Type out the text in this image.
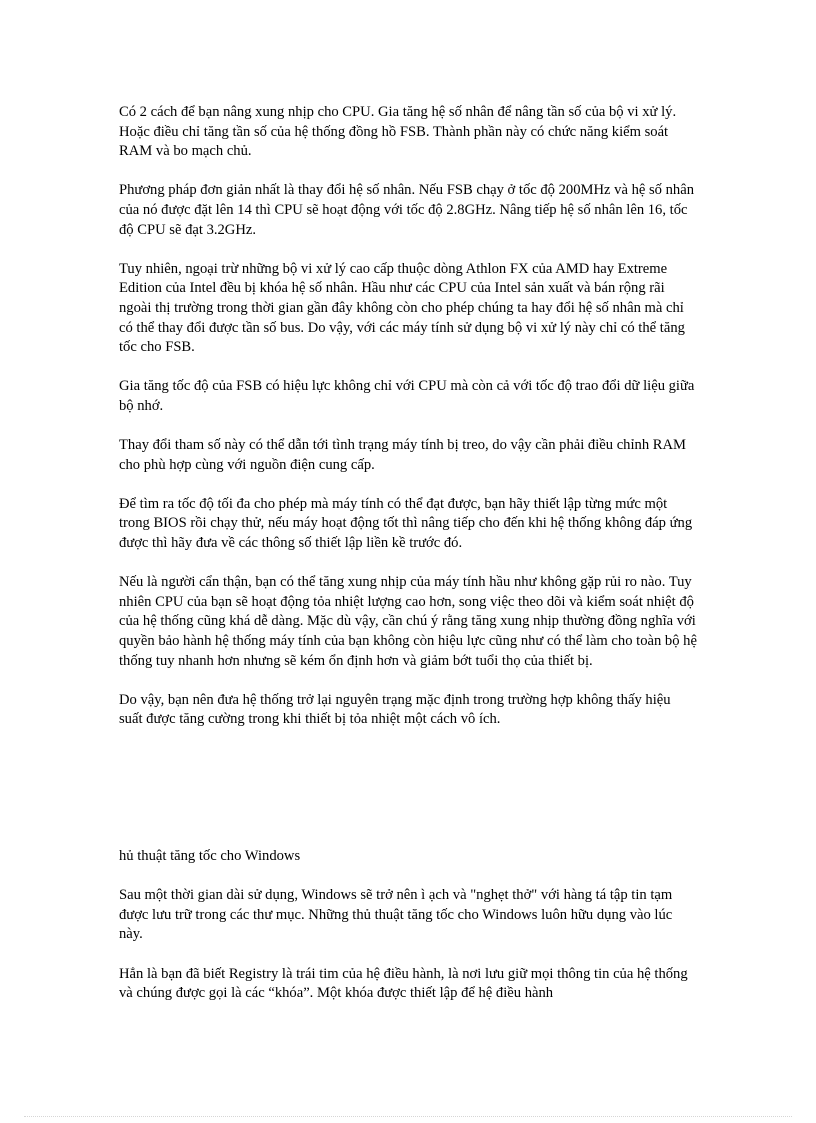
Có 2 cách để bạn nâng xung nhịp cho CPU. Gia tăng hệ số nhân để nâng tần số của bộ vi xử lý. Hoặc điều chỉ tăng tần số của hệ thống đồng hồ FSB. Thành phần này có chức năng kiểm soát RAM và bo mạch chủ.

Phương pháp đơn giản nhất là thay đổi hệ số nhân. Nếu FSB chạy ở tốc độ 200MHz và hệ số nhân của nó được đặt lên 14 thì CPU sẽ hoạt động với tốc độ 2.8GHz. Nâng tiếp hệ số nhân lên 16, tốc độ CPU sẽ đạt 3.2GHz.

Tuy nhiên, ngoại trừ những bộ vi xử lý cao cấp thuộc dòng Athlon FX của AMD hay Extreme Edition của Intel đều bị khóa hệ số nhân. Hầu như các CPU của Intel sản xuất và bán rộng rãi ngoài thị trường trong thời gian gần đây không còn cho phép chúng ta hay đổi hệ số nhân mà chỉ có thể thay đổi được tần số bus. Do vậy, với các máy tính sử dụng bộ vi xử lý này chỉ có thể tăng tốc cho FSB.

Gia tăng tốc độ của FSB có hiệu lực không chỉ với CPU mà còn cả với tốc độ trao đổi dữ liệu giữa bộ nhớ.

Thay đổi tham số này có thể dẫn tới tình trạng máy tính bị treo, do vậy cần phải điều chỉnh RAM cho phù hợp cùng với nguồn điện cung cấp.

Để tìm ra tốc độ tối đa cho phép mà máy tính có thể đạt được, bạn hãy thiết lập từng mức một trong BIOS rồi chạy thử, nếu máy hoạt động tốt thì nâng tiếp cho đến khi hệ thống không đáp ứng được thì hãy đưa về các thông số thiết lập liền kề trước đó.

Nếu là người cẩn thận, bạn có thể tăng xung nhịp của máy tính hầu như không gặp rủi ro nào. Tuy nhiên CPU của bạn sẽ hoạt động tỏa nhiệt lượng cao hơn, song việc theo dõi và kiểm soát nhiệt độ của hệ thống cũng khá dễ dàng. Mặc dù vậy, cần chú ý rằng tăng xung nhịp thường đồng nghĩa với quyền bảo hành hệ thống máy tính của bạn không còn hiệu lực cũng như có thể làm cho toàn bộ hệ thống tuy nhanh hơn nhưng sẽ kém ổn định hơn và giảm bớt tuổi thọ của thiết bị.

Do vậy, bạn nên đưa hệ thống trở lại nguyên trạng mặc định trong trường hợp không thấy hiệu suất được tăng cường trong khi thiết bị tỏa nhiệt một cách vô ích.

hủ thuật tăng tốc cho Windows

Sau một thời gian dài sử dụng, Windows sẽ trở nên ì ạch và "nghẹt thở" với hàng tá tập tin tạm được lưu trữ trong các thư mục. Những thủ thuật tăng tốc cho Windows luôn hữu dụng vào lúc này.

Hẳn là bạn đã biết Registry là trái tim của hệ điều hành, là nơi lưu giữ mọi thông tin của hệ thống và chúng được gọi là các “khóa”. Một khóa được thiết lập để hệ điều hành
